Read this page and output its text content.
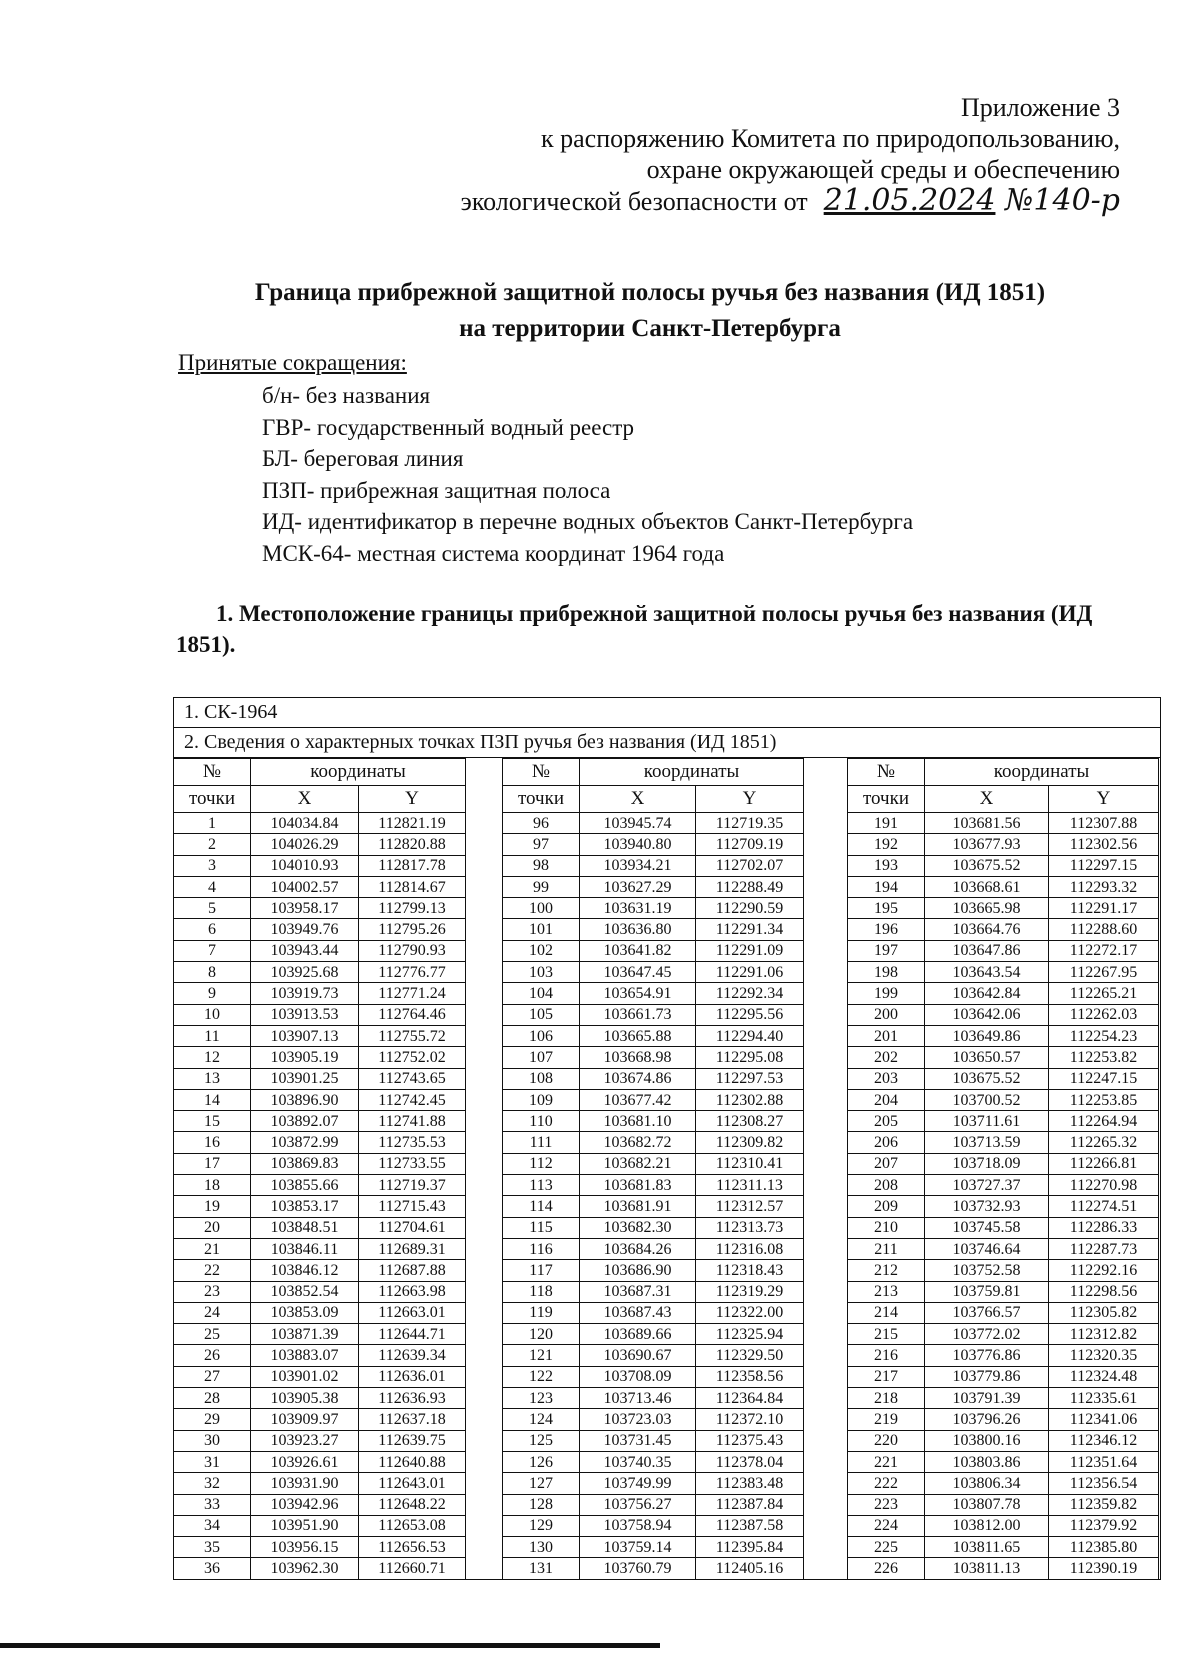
Приложение 3
к распоряжению Комитета по природопользованию,
охране окружающей среды и обеспечению
экологической безопасности от 21.05.2024 №140-р
Граница прибрежной защитной полосы ручья без названия (ИД 1851)
на территории Санкт-Петербурга
Принятые сокращения:
б/н- без названия
ГВР- государственный водный реестр
БЛ- береговая линия
ПЗП- прибрежная защитная полоса
ИД- идентификатор в перечне водных объектов Санкт-Петербурга
МСК-64- местная система координат 1964 года
1. Местоположение границы прибрежной защитной полосы ручья без названия (ИД 1851).
1. СК-1964
2. Сведения о характерных точках ПЗП ручья без названия (ИД 1851)
№	координаты	
точки	X	Y
1	104034.84	112821.19
2	104026.29	112820.88
3	104010.93	112817.78
4	104002.57	112814.67
5	103958.17	112799.13
6	103949.76	112795.26
7	103943.44	112790.93
8	103925.68	112776.77
9	103919.73	112771.24
10	103913.53	112764.46
11	103907.13	112755.72
12	103905.19	112752.02
13	103901.25	112743.65
14	103896.90	112742.45
15	103892.07	112741.88
16	103872.99	112735.53
17	103869.83	112733.55
18	103855.66	112719.37
19	103853.17	112715.43
20	103848.51	112704.61
21	103846.11	112689.31
22	103846.12	112687.88
23	103852.54	112663.98
24	103853.09	112663.01
25	103871.39	112644.71
26	103883.07	112639.34
27	103901.02	112636.01
28	103905.38	112636.93
29	103909.97	112637.18
30	103923.27	112639.75
31	103926.61	112640.88
32	103931.90	112643.01
33	103942.96	112648.22
34	103951.90	112653.08
35	103956.15	112656.53
36	103962.30	112660.71
№	координаты	
точки	X	Y
96	103945.74	112719.35
97	103940.80	112709.19
98	103934.21	112702.07
99	103627.29	112288.49
100	103631.19	112290.59
101	103636.80	112291.34
102	103641.82	112291.09
103	103647.45	112291.06
104	103654.91	112292.34
105	103661.73	112295.56
106	103665.88	112294.40
107	103668.98	112295.08
108	103674.86	112297.53
109	103677.42	112302.88
110	103681.10	112308.27
111	103682.72	112309.82
112	103682.21	112310.41
113	103681.83	112311.13
114	103681.91	112312.57
115	103682.30	112313.73
116	103684.26	112316.08
117	103686.90	112318.43
118	103687.31	112319.29
119	103687.43	112322.00
120	103689.66	112325.94
121	103690.67	112329.50
122	103708.09	112358.56
123	103713.46	112364.84
124	103723.03	112372.10
125	103731.45	112375.43
126	103740.35	112378.04
127	103749.99	112383.48
128	103756.27	112387.84
129	103758.94	112387.58
130	103759.14	112395.84
131	103760.79	112405.16
№	координаты	
точки	X	Y
191	103681.56	112307.88
192	103677.93	112302.56
193	103675.52	112297.15
194	103668.61	112293.32
195	103665.98	112291.17
196	103664.76	112288.60
197	103647.86	112272.17
198	103643.54	112267.95
199	103642.84	112265.21
200	103642.06	112262.03
201	103649.86	112254.23
202	103650.57	112253.82
203	103675.52	112247.15
204	103700.52	112253.85
205	103711.61	112264.94
206	103713.59	112265.32
207	103718.09	112266.81
208	103727.37	112270.98
209	103732.93	112274.51
210	103745.58	112286.33
211	103746.64	112287.73
212	103752.58	112292.16
213	103759.81	112298.56
214	103766.57	112305.82
215	103772.02	112312.82
216	103776.86	112320.35
217	103779.86	112324.48
218	103791.39	112335.61
219	103796.26	112341.06
220	103800.16	112346.12
221	103803.86	112351.64
222	103806.34	112356.54
223	103807.78	112359.82
224	103812.00	112379.92
225	103811.65	112385.80
226	103811.13	112390.19
